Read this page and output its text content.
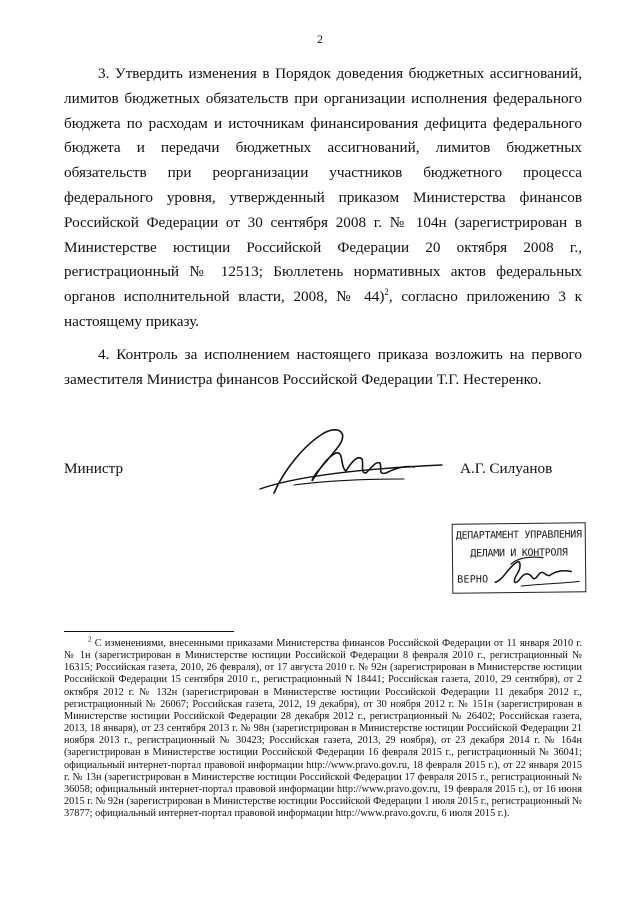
2

3. Утвердить изменения в Порядок доведения бюджетных ассигнований, лимитов бюджетных обязательств при организации исполнения федерального бюджета по расходам и источникам финансирования дефицита федерального бюджета и передачи бюджетных ассигнований, лимитов бюджетных обязательств при реорганизации участников бюджетного процесса федерального уровня, утвержденный приказом Министерства финансов Российской Федерации от 30 сентября 2008 г. № 104н (зарегистрирован в Министерстве юстиции Российской Федерации 20 октября 2008 г., регистрационный № 12513; Бюллетень нормативных актов федеральных органов исполнительной власти, 2008, № 44)$^2$, согласно приложению 3 к настоящему приказу.

4. Контроль за исполнением настоящего приказа возложить на первого заместителя Министра финансов Российской Федерации Т.Г. Нестеренко.

Министр	А.Г. Силуанов
ДЕПАРТАМЕНТ УПРАВЛЕНИЯ
ДЕЛАМИ И КОНТРОЛЯ
ВЕРНО

$^2$ С изменениями, внесенными приказами Министерства финансов Российской Федерации от 11 января 2010 г. № 1н (зарегистрирован в Министерстве юстиции Российской Федерации 8 февраля 2010 г., регистрационный № 16315; Российская газета, 2010, 26 февраля), от 17 августа 2010 г. № 92н (зарегистрирован в Министерстве юстиции Российской Федерации 15 сентября 2010 г., регистрационный N 18441; Российская газета, 2010, 29 сентября), от 2 октября 2012 г. № 132н (зарегистрирован в Министерстве юстиции Российской Федерации 11 декабря 2012 г., регистрационный № 26067; Российская газета, 2012, 19 декабря), от 30 ноября 2012 г. № 151н (зарегистрирован в Министерстве юстиции Российской Федерации 28 декабря 2012 г., регистрационный № 26402; Российская газета, 2013, 18 января), от 23 сентября 2013 г. № 98н (зарегистрирован в Министерстве юстиции Российской Федерации 21 ноября 2013 г., регистрационный № 30423; Российская газета, 2013, 29 ноября), от 23 декабря 2014 г. № 164н (зарегистрирован в Министерстве юстиции Российской Федерации 16 февраля 2015 г., регистрационный № 36041; официальный интернет-портал правовой информации http://www.pravo.gov.ru, 18 февраля 2015 г.), от 22 января 2015 г. № 13н (зарегистрирован в Министерстве юстиции Российской Федерации 17 февраля 2015 г., регистрационный № 36058; официальный интернет-портал правовой информации http://www.pravo.gov.ru, 19 февраля 2015 г.), от 16 июня 2015 г. № 92н (зарегистрирован в Министерстве юстиции Российской Федерации 1 июля 2015 г., регистрационный № 37877; официальный интернет-портал правовой информации http://www.pravo.gov.ru, 6 июля 2015 г.).
